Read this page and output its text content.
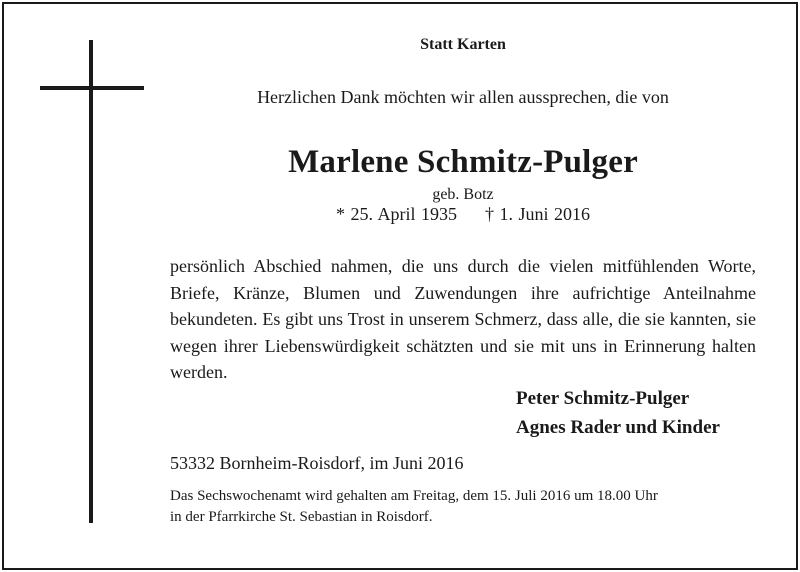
Statt Karten
Herzlichen Dank möchten wir allen aussprechen, die von
Marlene Schmitz-Pulger
geb. Botz
* 25. April 1935 † 1. Juni 2016
persönlich Abschied nahmen, die uns durch die vielen mitfühlenden Worte, Briefe, Kränze, Blumen und Zuwendungen ihre aufrichtige Anteilnahme bekundeten. Es gibt uns Trost in unserem Schmerz, dass alle, die sie kannten, sie wegen ihrer Liebenswürdigkeit schätzten und sie mit uns in Erinnerung halten werden.
Peter Schmitz-Pulger
Agnes Rader und Kinder
53332 Bornheim-Roisdorf, im Juni 2016
Das Sechswochenamt wird gehalten am Freitag, dem 15. Juli 2016 um 18.00 Uhr
in der Pfarrkirche St. Sebastian in Roisdorf.
